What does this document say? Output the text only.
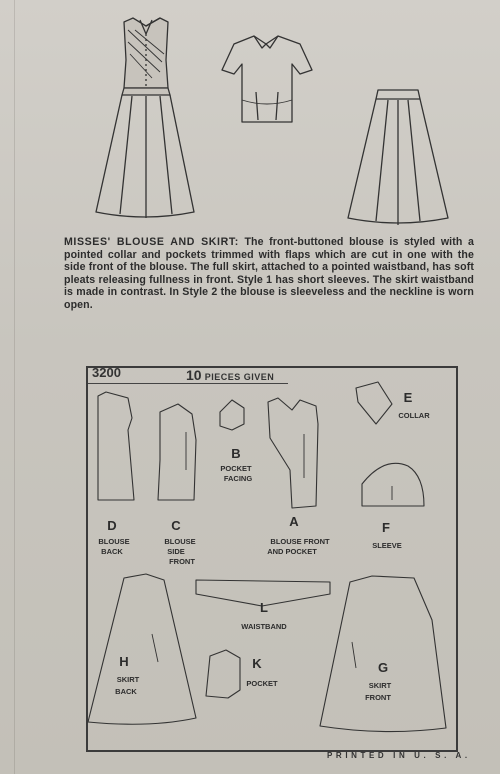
MISSES' BLOUSE AND SKIRT: The front-buttoned blouse is styled with a pointed collar and pockets trimmed with flaps which are cut in one with the side front of the blouse. The full skirt, attached to a pointed waistband, has soft pleats releasing fullness in front. Style 1 has short sleeves. The skirt waistband is made in contrast. In Style 2 the blouse is sleeveless and the neckline is worn open.

3200	10 PIECES GIVEN
D
BLOUSE
BACK
C
BLOUSE
SIDE
FRONT
B
POCKET
FACING
A
BLOUSE FRONT
AND POCKET
E
COLLAR
F
SLEEVE
L
WAISTBAND
H
SKIRT
BACK
K
POCKET
G
SKIRT
FRONT
PRINTED IN U. S. A.
